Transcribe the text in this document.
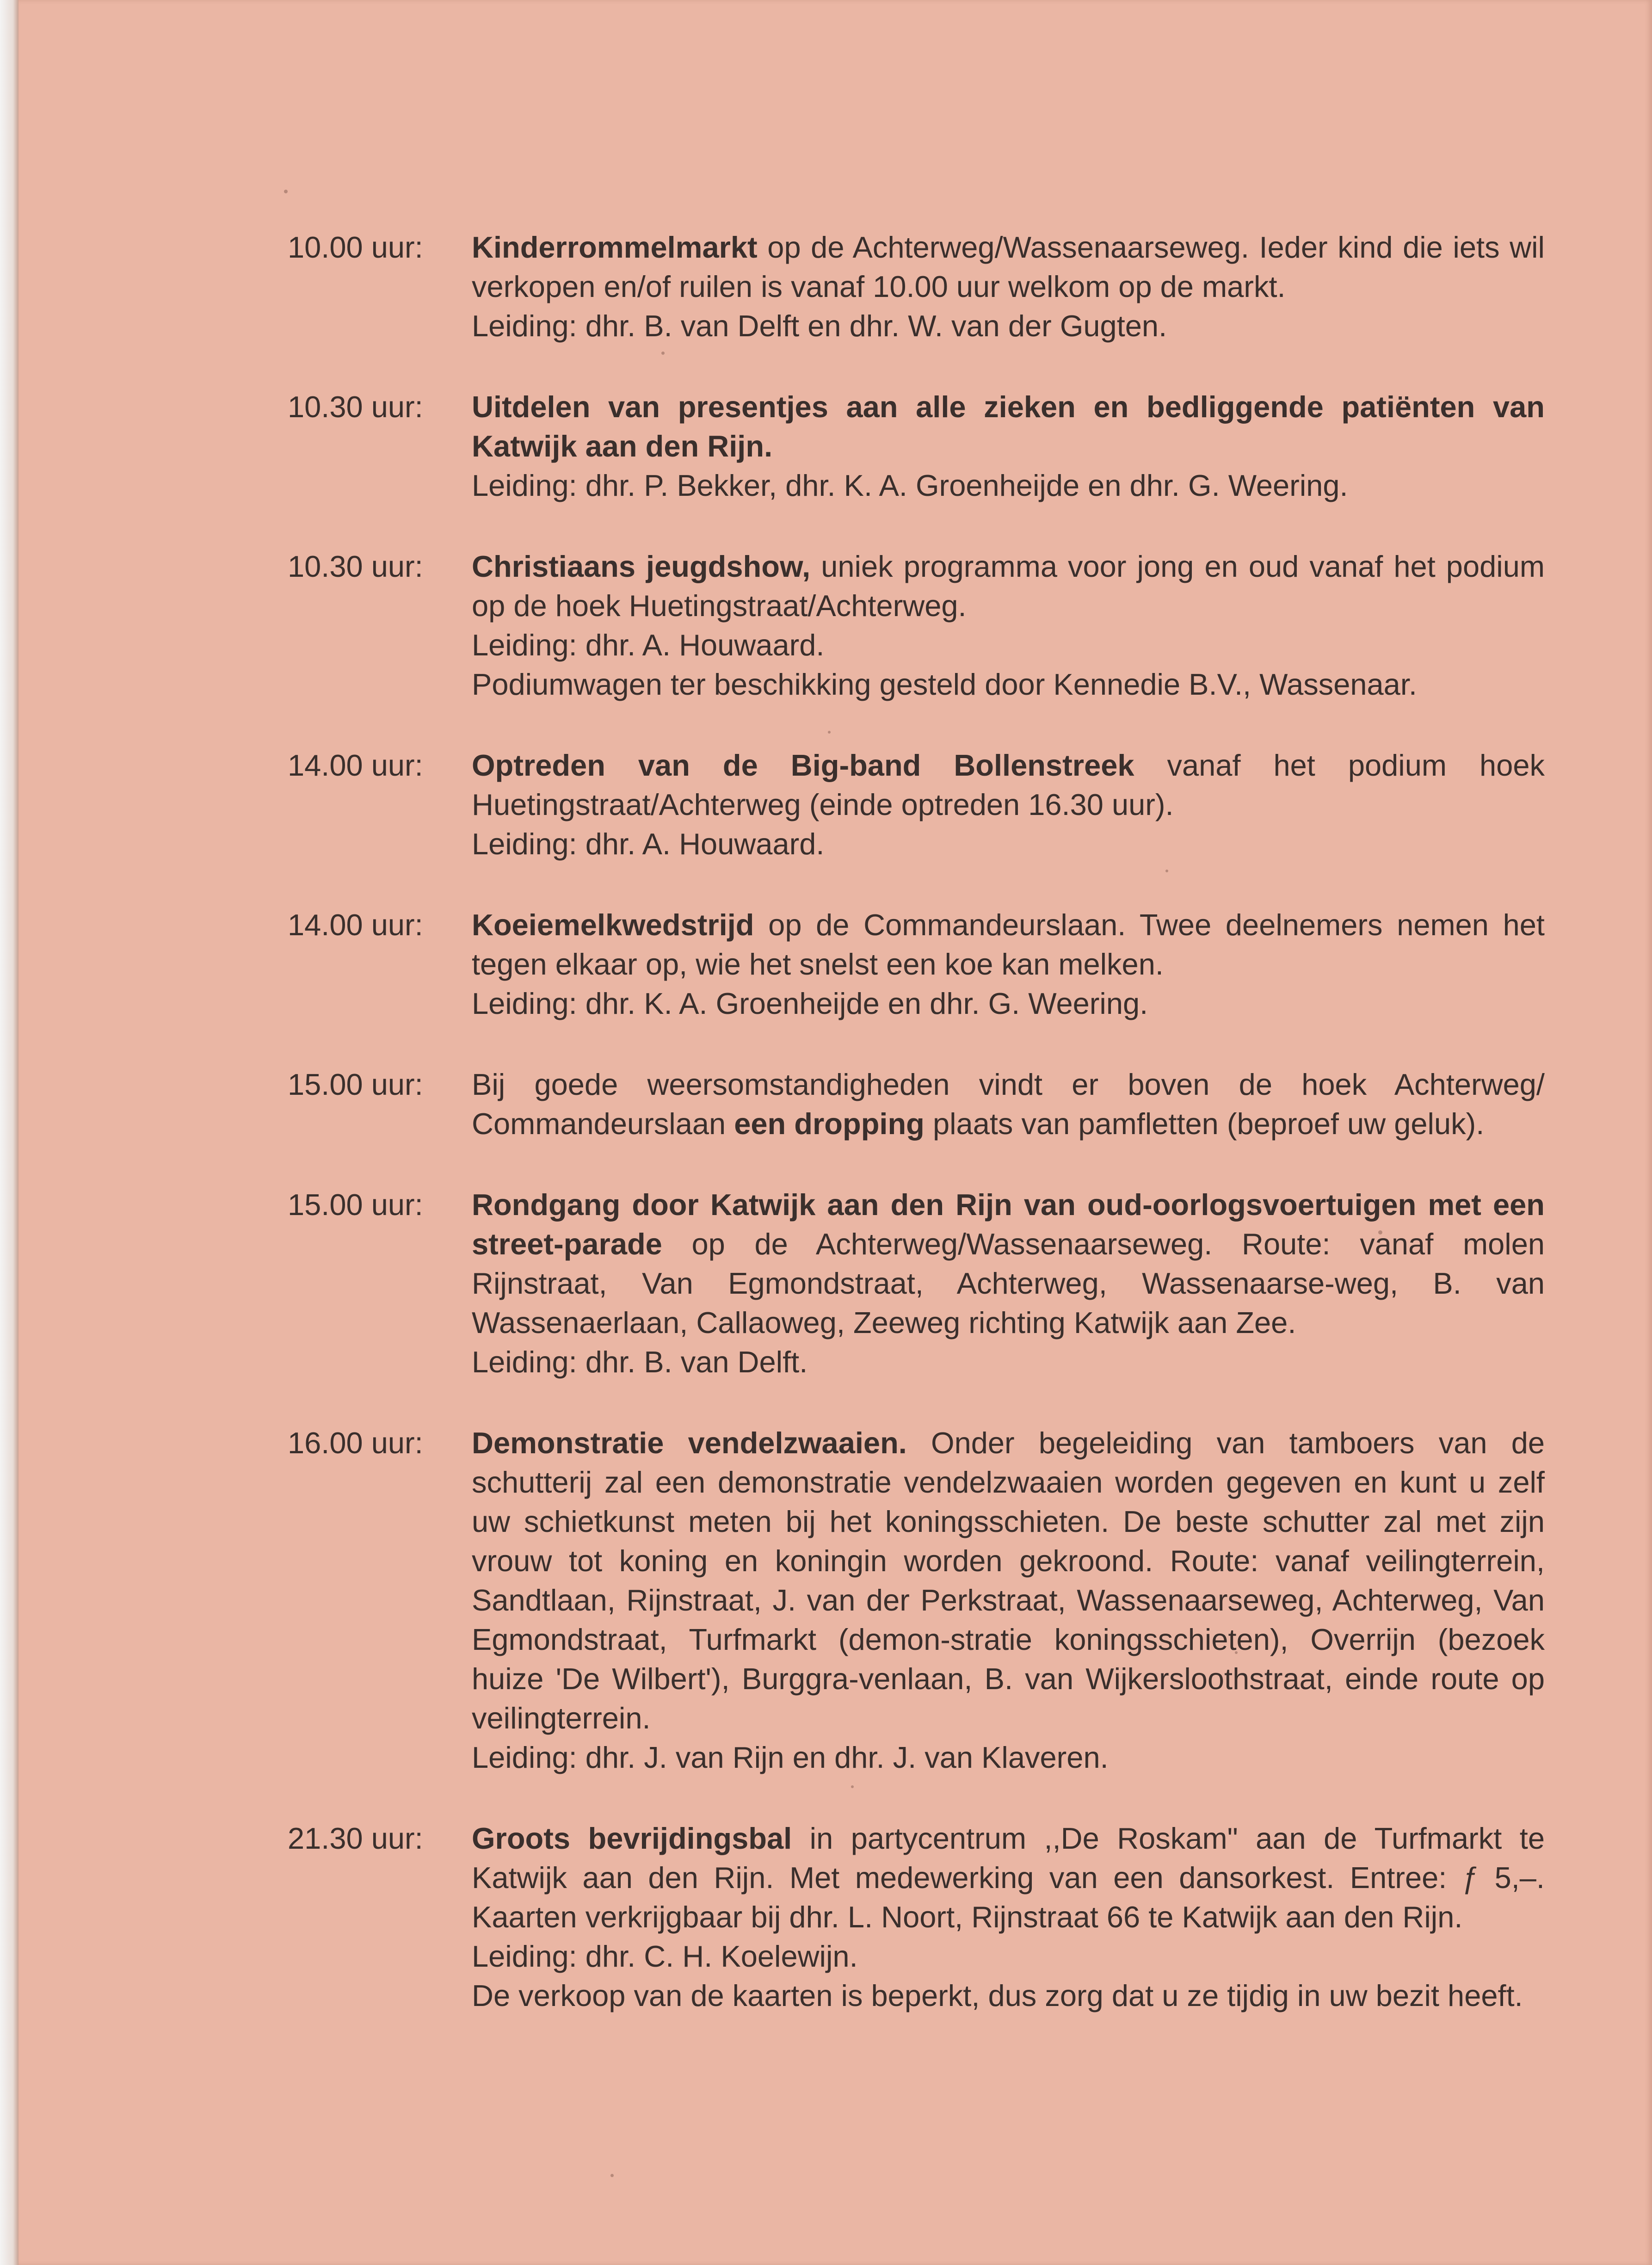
10.00 uur:	Kinderrommelmarkt op de Achterweg/Wassenaarseweg. Ieder kind die iets wil verkopen en/of ruilen is vanaf 10.00 uur welkom op de markt.
Leiding: dhr. B. van Delft en dhr. W. van der Gugten.
10.30 uur:	Uitdelen van presentjes aan alle zieken en bedliggende patiënten van Katwijk aan den Rijn.
Leiding: dhr. P. Bekker, dhr. K. A. Groenheijde en dhr. G. Weering.
10.30 uur:	Christiaans jeugdshow, uniek programma voor jong en oud vanaf het podium op de hoek Huetingstraat/Achterweg.
Leiding: dhr. A. Houwaard.
Podiumwagen ter beschikking gesteld door Kennedie B.V., Wassenaar.
14.00 uur:	Optreden van de Big-band Bollenstreek vanaf het podium hoek Huetingstraat/Achterweg (einde optreden 16.30 uur).
Leiding: dhr. A. Houwaard.
14.00 uur:	Koeiemelkwedstrijd op de Commandeurslaan. Twee deelnemers nemen het tegen elkaar op, wie het snelst een koe kan melken.
Leiding: dhr. K. A. Groenheijde en dhr. G. Weering.
15.00 uur:	Bij goede weersomstandigheden vindt er boven de hoek Achterweg/ Commandeurslaan een dropping plaats van pamfletten (beproef uw geluk).
15.00 uur:	Rondgang door Katwijk aan den Rijn van oud-oorlogsvoertuigen met een street-parade op de Achterweg/Wassenaarseweg. Route: vanaf molen Rijnstraat, Van Egmondstraat, Achterweg, Wassenaarse-weg, B. van Wassenaerlaan, Callaoweg, Zeeweg richting Katwijk aan Zee.
Leiding: dhr. B. van Delft.
16.00 uur:	Demonstratie vendelzwaaien. Onder begeleiding van tamboers van de schutterij zal een demonstratie vendelzwaaien worden gegeven en kunt u zelf uw schietkunst meten bij het koningsschieten. De beste schutter zal met zijn vrouw tot koning en koningin worden gekroond. Route: vanaf veilingterrein, Sandtlaan, Rijnstraat, J. van der Perkstraat, Wassenaarseweg, Achterweg, Van Egmondstraat, Turfmarkt (demon-stratie koningsschieten), Overrijn (bezoek huize 'De Wilbert'), Burggra-venlaan, B. van Wijkersloothstraat, einde route op veilingterrein.
Leiding: dhr. J. van Rijn en dhr. J. van Klaveren.
21.30 uur:	Groots bevrijdingsbal in partycentrum ,,De Roskam" aan de Turfmarkt te Katwijk aan den Rijn. Met medewerking van een dansorkest. Entree: ƒ 5,–. Kaarten verkrijgbaar bij dhr. L. Noort, Rijnstraat 66 te Katwijk aan den Rijn.
Leiding: dhr. C. H. Koelewijn.
De verkoop van de kaarten is beperkt, dus zorg dat u ze tijdig in uw bezit heeft.
